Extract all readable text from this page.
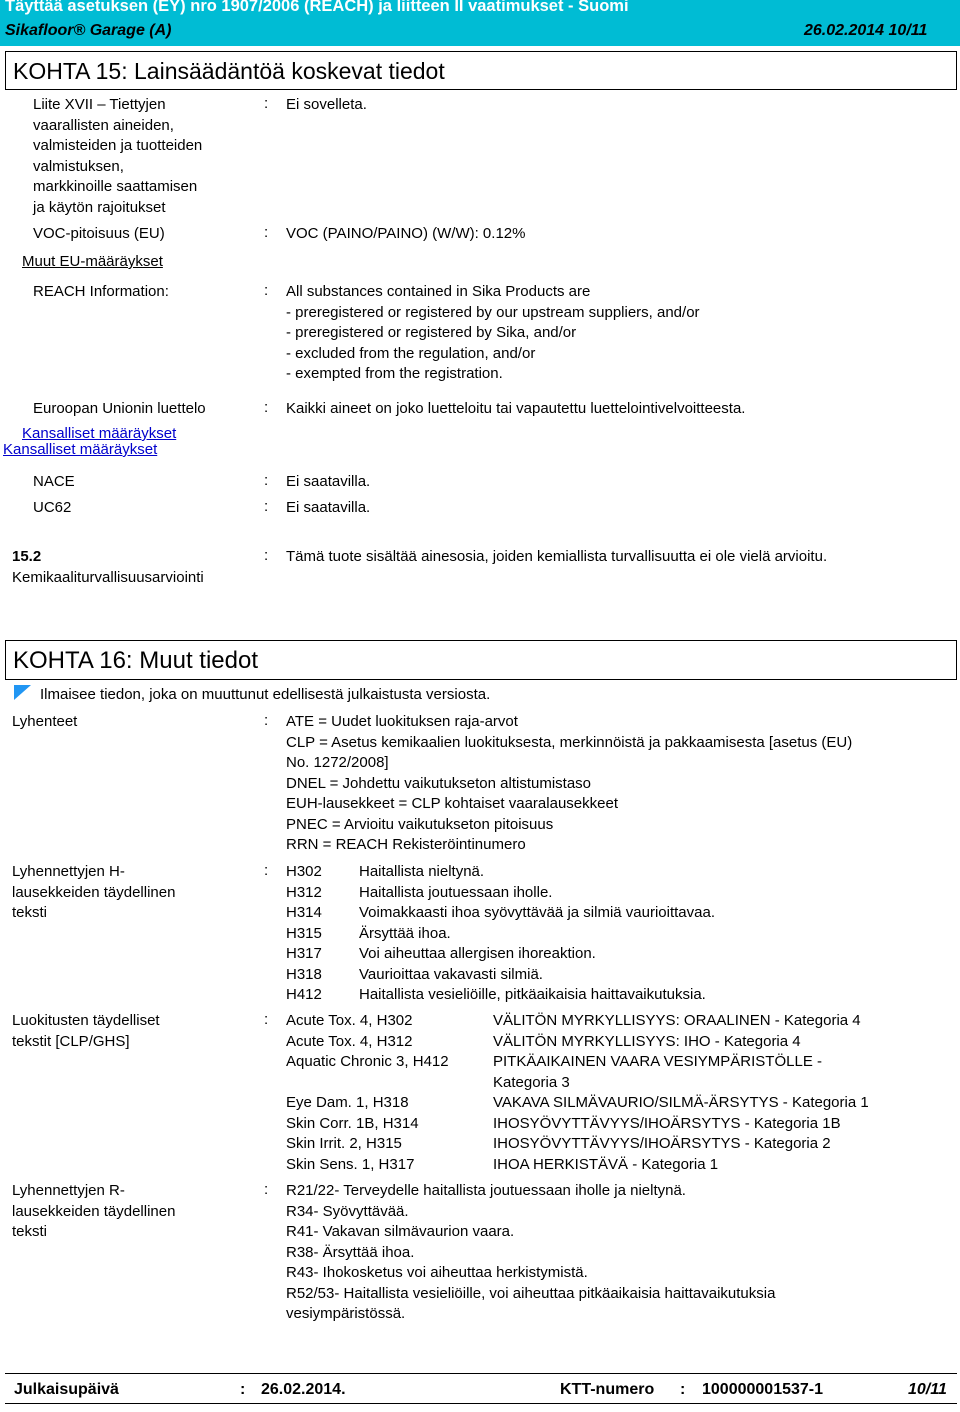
Täyttää asetuksen (EY) nro 1907/2006 (REACH) ja liitteen II vaatimukset - Suomi
Sikafloor® Garage (A)	26.02.2014 10/11
KOHTA 15: Lainsäädäntöä koskevat tiedot
Liite XVII – Tiettyjen
vaarallisten aineiden,
valmisteiden ja tuotteiden
valmistuksen,
markkinoille saattamisen
ja käytön rajoitukset
: Ei sovelleta.
VOC-pitoisuus (EU)	: VOC (PAINO/PAINO) (W/W): 0.12%
Muut EU-määräykset
REACH Information:	: All substances contained in Sika Products are
- preregistered or registered by our upstream suppliers, and/or
- preregistered or registered by Sika, and/or
- excluded from the regulation, and/or
- exempted from the registration.
Euroopan Unionin luettelo	: Kaikki aineet on joko luetteloitu tai vapautettu luettelointivelvoitteesta.
Kansalliset määräykset
Kansalliset määräykset
NACE	: Ei saatavilla.
UC62	: Ei saatavilla.
15.2
Kemikaaliturvallisuusarviointi
: Tämä tuote sisältää ainesosia, joiden kemiallista turvallisuutta ei ole vielä arvioitu.
KOHTA 16: Muut tiedot
Ilmaisee tiedon, joka on muuttunut edellisestä julkaistusta versiosta.
Lyhenteet	: ATE = Uudet luokituksen raja-arvot
CLP = Asetus kemikaalien luokituksesta, merkinnöistä ja pakkaamisesta [asetus (EU)
No. 1272/2008]
DNEL = Johdettu vaikutukseton altistumistaso
EUH-lausekkeet = CLP kohtaiset vaaralausekkeet
PNEC = Arvioitu vaikutukseton pitoisuus
RRN = REACH Rekisteröintinumero
Lyhennettyjen H-
lausekkeiden täydellinen
teksti
: H302 Haitallista nieltynä.
H312 Haitallista joutuessaan iholle.
H314 Voimakkaasti ihoa syövyttävää ja silmiä vaurioittavaa.
H315 Ärsyttää ihoa.
H317 Voi aiheuttaa allergisen ihoreaktion.
H318 Vaurioittaa vakavasti silmiä.
H412 Haitallista vesieliöille, pitkäaikaisia haittavaikutuksia.
Luokitusten täydelliset
tekstit [CLP/GHS]
: Acute Tox. 4, H302	VÄLITÖN MYRKYLLISYYS: ORAALINEN - Kategoria 4
Acute Tox. 4, H312	VÄLITÖN MYRKYLLISYYS: IHO - Kategoria 4
Aquatic Chronic 3, H412	PITKÄAIKAINEN VAARA VESIYMPÄRISTÖLLE -
Kategoria 3
Eye Dam. 1, H318	VAKAVA SILMÄVAURIO/SILMÄ-ÄRSYTYS - Kategoria 1
Skin Corr. 1B, H314	IHOSYÖVYTTÄVYYS/IHOÄRSYTYS - Kategoria 1B
Skin Irrit. 2, H315	IHOSYÖVYTTÄVYYS/IHOÄRSYTYS - Kategoria 2
Skin Sens. 1, H317	IHOA HERKISTÄVÄ - Kategoria 1
Lyhennettyjen R-
lausekkeiden täydellinen
teksti
: R21/22- Terveydelle haitallista joutuessaan iholle ja nieltynä.
R34- Syövyttävää.
R41- Vakavan silmävaurion vaara.
R38- Ärsyttää ihoa.
R43- Ihokosketus voi aiheuttaa herkistymistä.
R52/53- Haitallista vesieliöille, voi aiheuttaa pitkäaikaisia haittavaikutuksia
vesiympäristössä.
Julkaisupäivä	: 26.02.2014.	KTT-numero : 100000001537-1	10/11
